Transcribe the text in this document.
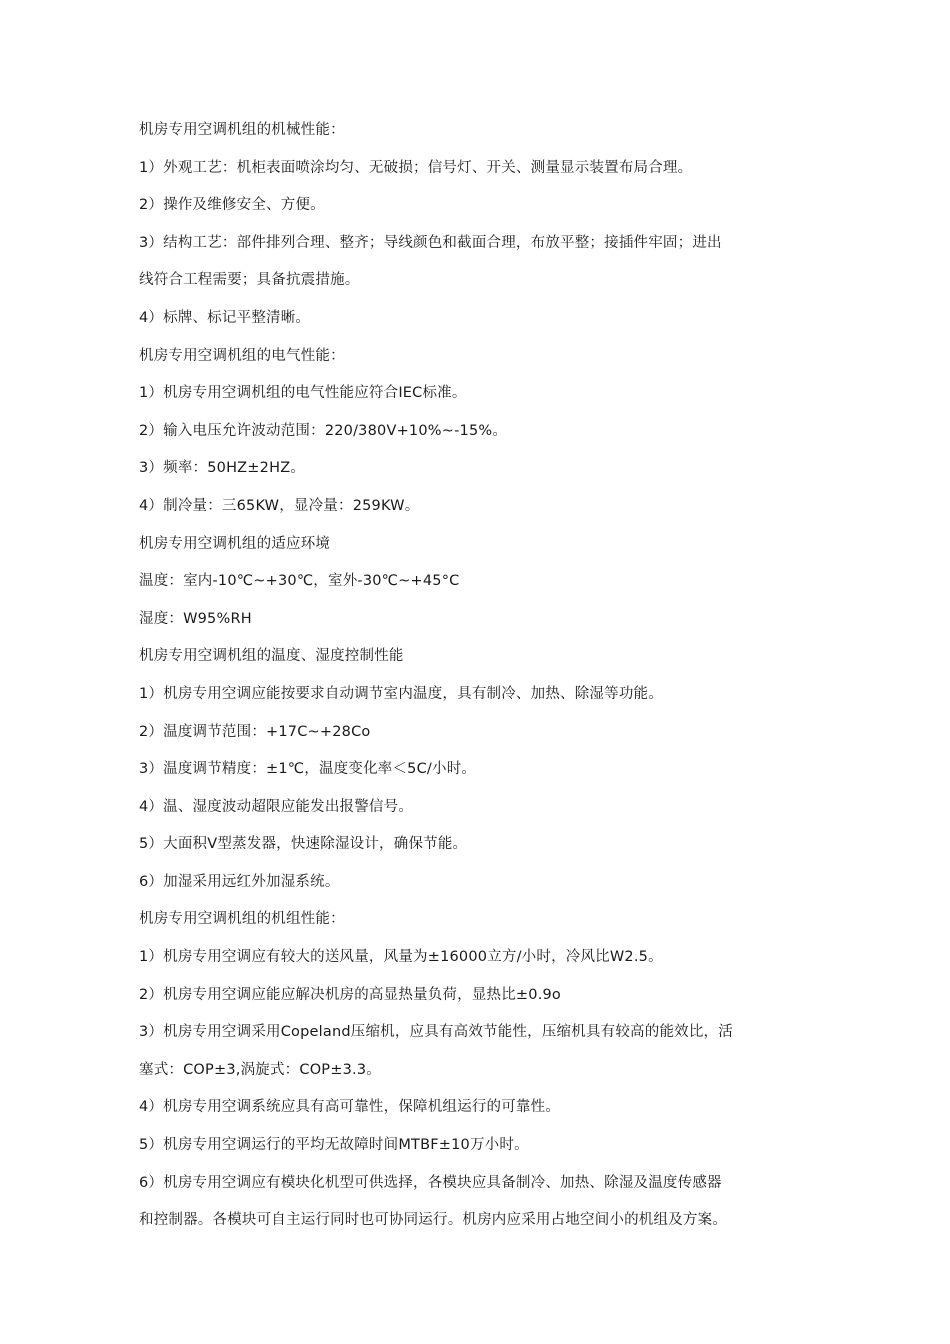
机房专用空调机组的机械性能：
1）外观工艺：机柜表面喷涂均匀、无破损；信号灯、开关、测量显示装置布局合理。
2）操作及维修安全、方便。
3）结构工艺：部件排列合理、整齐；导线颜色和截面合理，布放平整；接插件牢固；进出
线符合工程需要；具备抗震措施。
4）标牌、标记平整清晰。
机房专用空调机组的电气性能：
1）机房专用空调机组的电气性能应符合IEC标准。
2）输入电压允许波动范围：220/380V+10%~-15%。
3）频率：50HZ±2HZ。
4）制冷量：三65KW，显冷量：259KW。
机房专用空调机组的适应环境
温度：室内-10℃~+30℃，室外-30℃~+45°C
湿度：W95%RH
机房专用空调机组的温度、湿度控制性能
1）机房专用空调应能按要求自动调节室内温度，具有制冷、加热、除湿等功能。
2）温度调节范围：+17C~+28Co
3）温度调节精度：±1℃，温度变化率＜5C/小时。
4）温、湿度波动超限应能发出报警信号。
5）大面积V型蒸发器，快速除湿设计，确保节能。
6）加湿采用远红外加湿系统。
机房专用空调机组的机组性能：
1）机房专用空调应有较大的送风量，风量为±16000立方/小时，冷风比W2.5。
2）机房专用空调应能应解决机房的高显热量负荷，显热比±0.9o
3）机房专用空调采用Copeland压缩机，应具有高效节能性，压缩机具有较高的能效比，活
塞式：COP±3,涡旋式：COP±3.3。
4）机房专用空调系统应具有高可靠性，保障机组运行的可靠性。
5）机房专用空调运行的平均无故障时间MTBF±10万小时。
6）机房专用空调应有模块化机型可供选择，各模块应具备制冷、加热、除湿及温度传感器
和控制器。各模块可自主运行同时也可协同运行。机房内应采用占地空间小的机组及方案。
